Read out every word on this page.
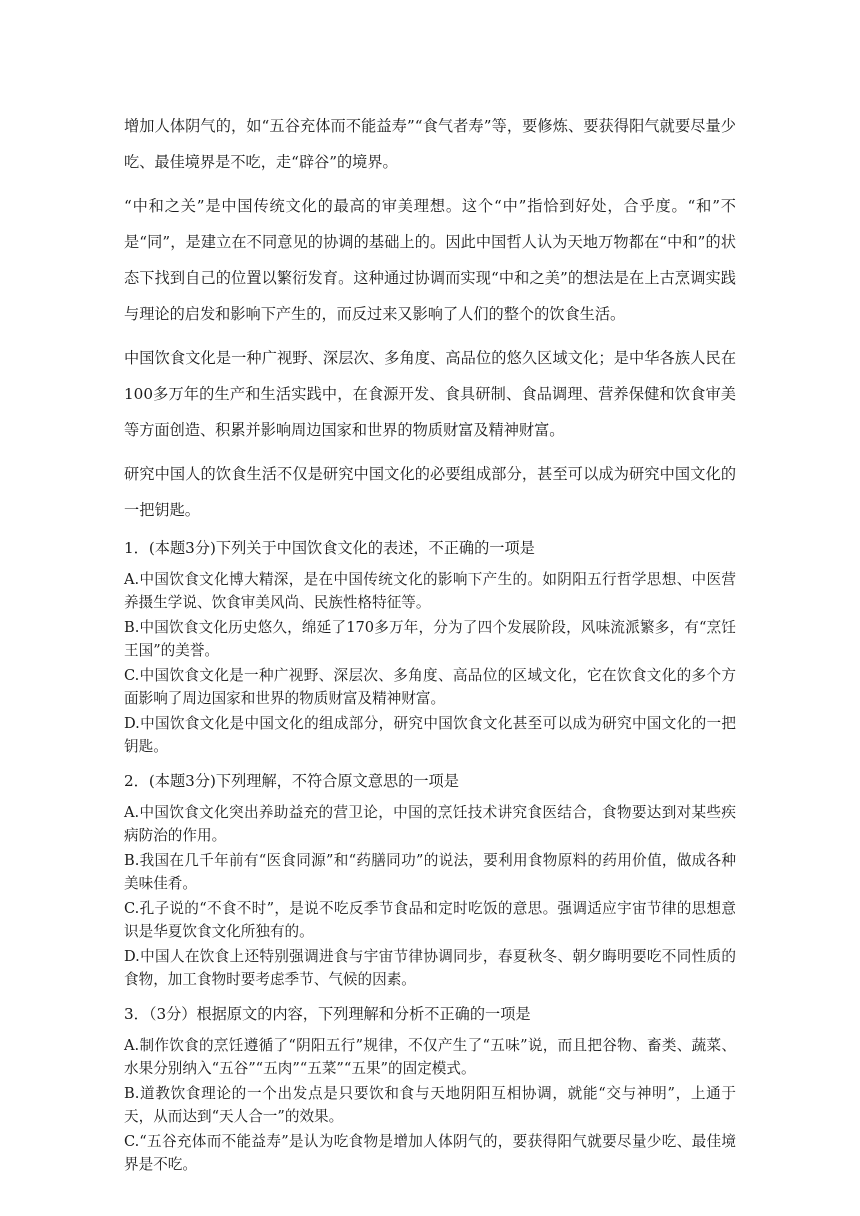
增加人体阴气的，如“五谷充体而不能益寿”“食气者寿”等，要修炼、要获得阳气就要尽量少吃、最佳境界是不吃，走“辟谷”的境界。

“中和之关”是中国传统文化的最高的审美理想。这个“中”指恰到好处，合乎度。“和”不是“同”，是建立在不同意见的协调的基础上的。因此中国哲人认为天地万物都在“中和”的状态下找到自己的位置以繁衍发育。这种通过协调而实现“中和之美”的想法是在上古烹调实践与理论的启发和影响下产生的，而反过来又影响了人们的整个的饮食生活。

中国饮食文化是一种广视野、深层次、多角度、高品位的悠久区域文化；是中华各族人民在100多万年的生产和生活实践中，在食源开发、食具研制、食品调理、营养保健和饮食审美等方面创造、积累并影响周边国家和世界的物质财富及精神财富。

研究中国人的饮食生活不仅是研究中国文化的必要组成部分，甚至可以成为研究中国文化的一把钥匙。

1．(本题3分)下列关于中国饮食文化的表述，不正确的一项是

A.中国饮食文化博大精深，是在中国传统文化的影响下产生的。如阴阳五行哲学思想、中医营养摄生学说、饮食审美风尚、民族性格特征等。

B.中国饮食文化历史悠久，绵延了170多万年，分为了四个发展阶段，风味流派繁多，有“烹饪王国”的美誉。

C.中国饮食文化是一种广视野、深层次、多角度、高品位的区域文化，它在饮食文化的多个方面影响了周边国家和世界的物质财富及精神财富。

D.中国饮食文化是中国文化的组成部分，研究中国饮食文化甚至可以成为研究中国文化的一把钥匙。

2．(本题3分)下列理解，不符合原文意思的一项是

A.中国饮食文化突出养助益充的营卫论，中国的烹饪技术讲究食医结合，食物要达到对某些疾病防治的作用。

B.我国在几千年前有“医食同源”和“药膳同功”的说法，要利用食物原料的药用价值，做成各种美味佳肴。

C.孔子说的“不食不时”，是说不吃反季节食品和定时吃饭的意思。强调适应宇宙节律的思想意识是华夏饮食文化所独有的。

D.中国人在饮食上还特别强调进食与宇宙节律协调同步，春夏秋冬、朝夕晦明要吃不同性质的食物，加工食物时要考虑季节、气候的因素。

3．（3分）根据原文的内容，下列理解和分析不正确的一项是

A.制作饮食的烹饪遵循了“阴阳五行”规律，不仅产生了“五味”说，而且把谷物、畜类、蔬菜、水果分别纳入“五谷”“五肉”“五菜”“五果”的固定模式。

B.道教饮食理论的一个出发点是只要饮和食与天地阴阳互相协调，就能“交与神明”，上通于天，从而达到“天人合一”的效果。

C.“五谷充体而不能益寿”是认为吃食物是增加人体阴气的，要获得阳气就要尽量少吃、最佳境界是不吃。
